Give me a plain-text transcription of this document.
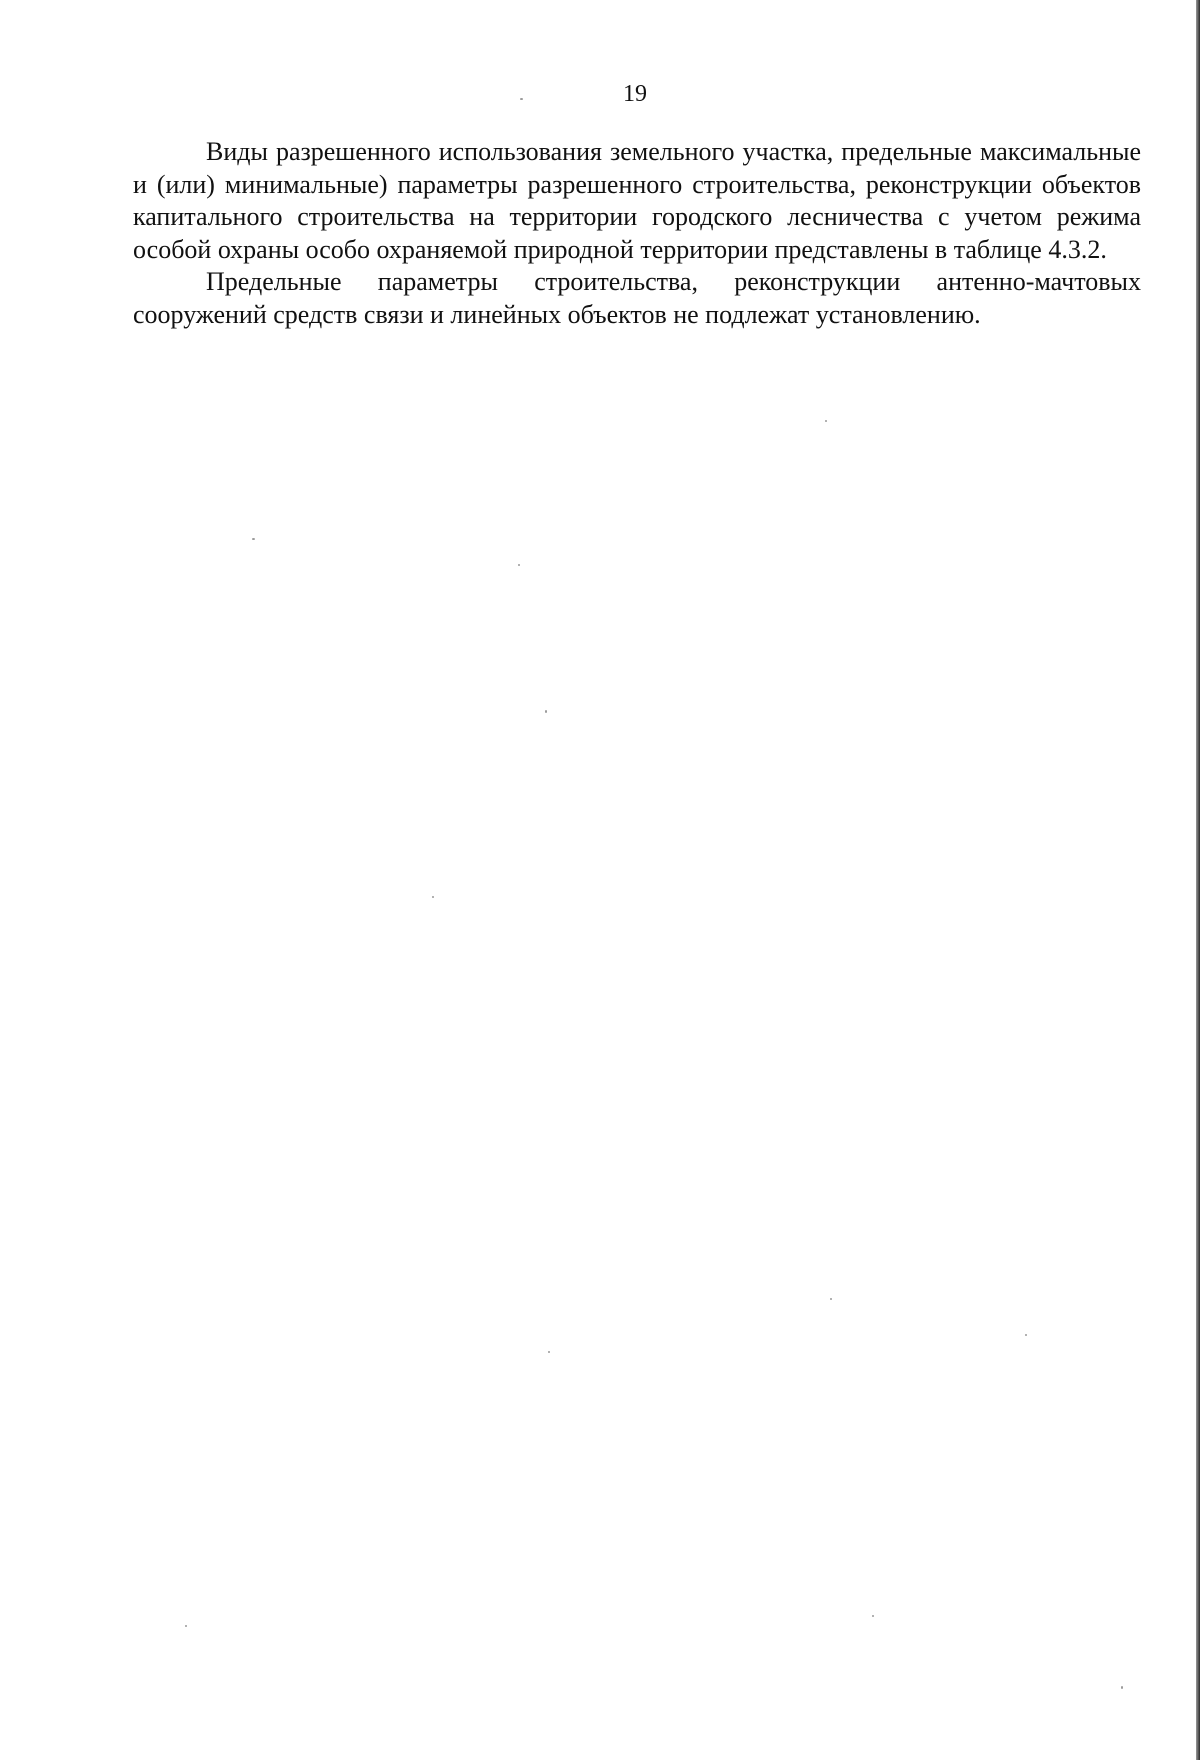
19

Виды разрешенного использования земельного участка, предельные максимальные и (или) минимальные) параметры разрешенного строительства, реконструкции объектов капитального строительства на территории городского лесничества с учетом режима особой охраны особо охраняемой природной территории представлены в таблице 4.3.2.

Предельные параметры строительства, реконструкции антенно-мачтовых сооружений средств связи и линейных объектов не подлежат установлению.
